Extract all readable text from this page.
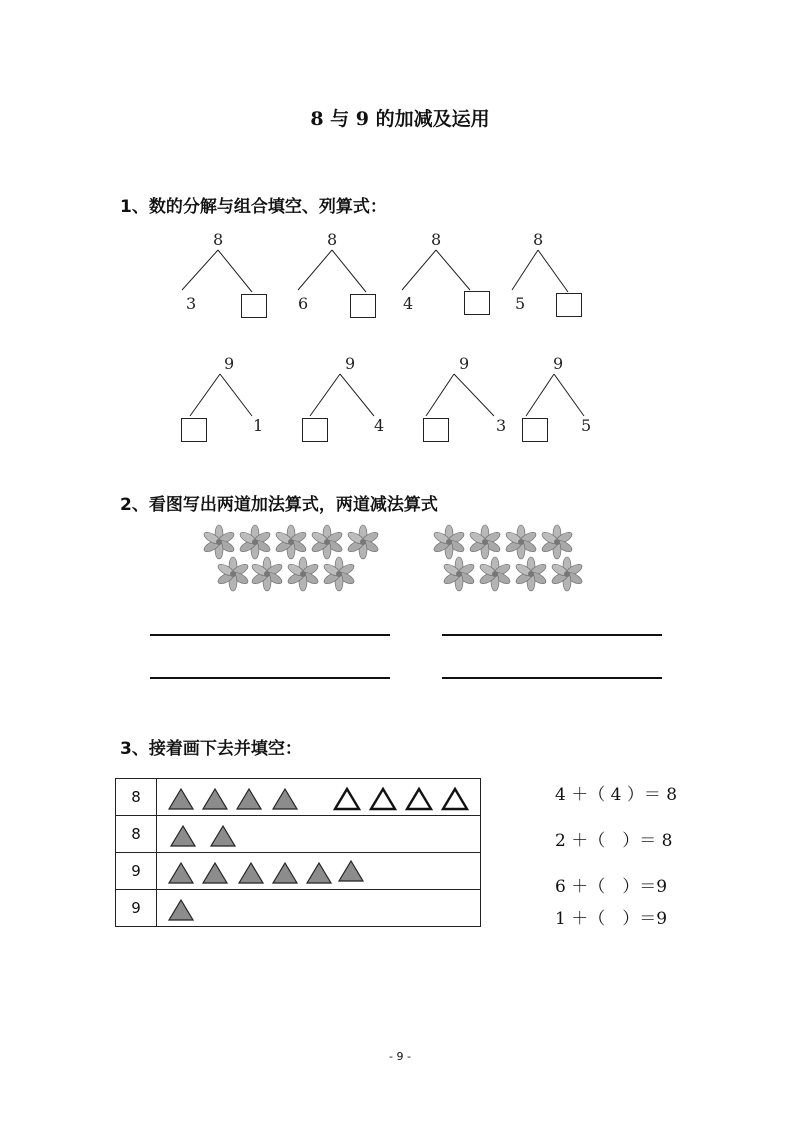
8 与 9 的加减及运用
1、数的分解与组合填空、列算式：
8	8	8	8
3	6	4	5
9	9	9	9
1	4	3	5
2、看图写出两道加法算式，两道减法算式
3、接着画下去并填空：
8	

8	

9	

9	
4 ＋（ 4 ）＝ 8
2 ＋（　）＝ 8
6 ＋（　）＝9
1 ＋（　）＝9
- 9 -
